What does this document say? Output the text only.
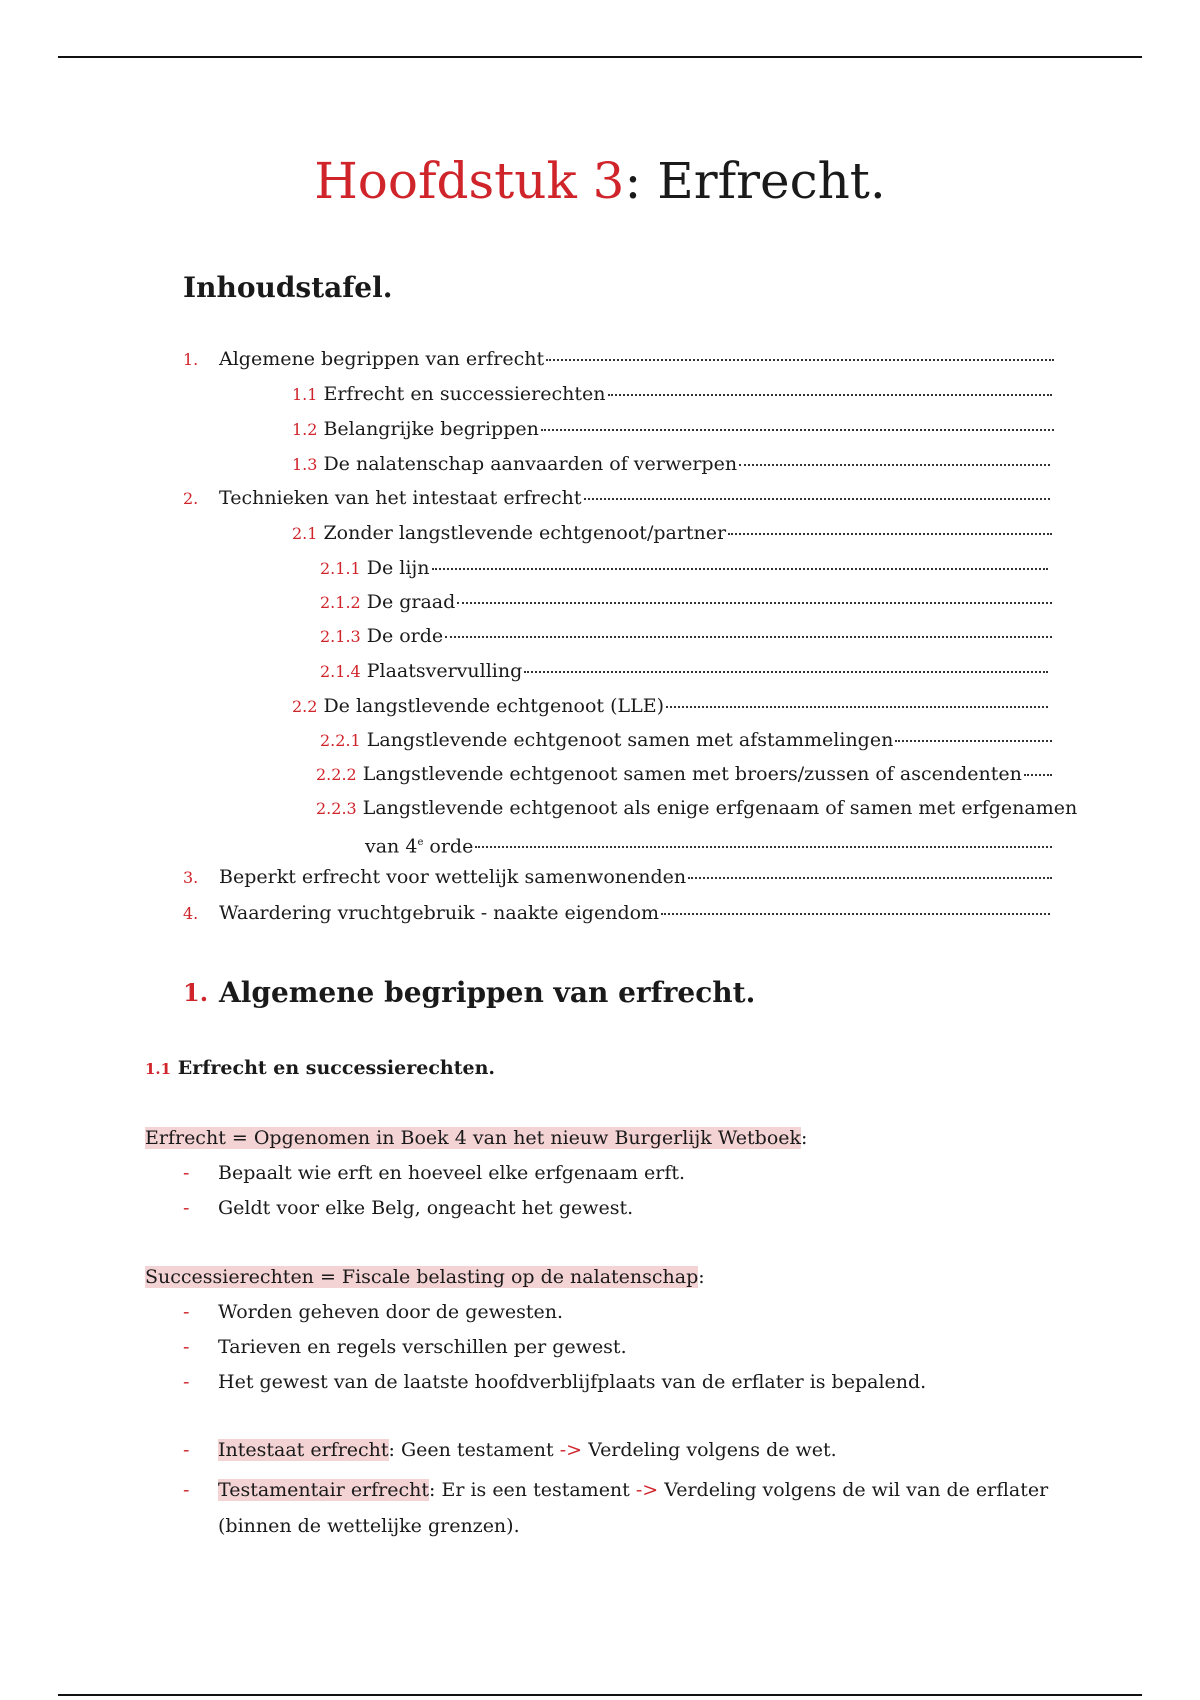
Hoofdstuk 3: Erfrecht.
Inhoudstafel.
1.	Algemene begrippen van erfrecht
1.1 Erfrecht en successierechten
1.2 Belangrijke begrippen
1.3 De nalatenschap aanvaarden of verwerpen
2.	Technieken van het intestaat erfrecht
2.1 Zonder langstlevende echtgenoot/partner
2.1.1 De lijn
2.1.2 De graad
2.1.3 De orde
2.1.4 Plaatsvervulling
2.2 De langstlevende echtgenoot (LLE)
2.2.1 Langstlevende echtgenoot samen met afstammelingen
2.2.2 Langstlevende echtgenoot samen met broers/zussen of ascendenten
2.2.3 Langstlevende echtgenoot als enige erfgenaam of samen met erfgenamen
van 4e orde
3.	Beperkt erfrecht voor wettelijk samenwonenden
4.	Waardering vruchtgebruik - naakte eigendom
1. Algemene begrippen van erfrecht.
1.1 Erfrecht en successierechten.

Erfrecht = Opgenomen in Boek 4 van het nieuw Burgerlijk Wetboek:

- Bepaalt wie erft en hoeveel elke erfgenaam erft.
- Geldt voor elke Belg, ongeacht het gewest.

Successierechten = Fiscale belasting op de nalatenschap:

- Worden geheven door de gewesten.
- Tarieven en regels verschillen per gewest.
- Het gewest van de laatste hoofdverblijfplaats van de erflater is bepalend.
- Intestaat erfrecht: Geen testament -> Verdeling volgens de wet.
- Testamentair erfrecht: Er is een testament -> Verdeling volgens de wil van de erflater (binnen de wettelijke grenzen).
